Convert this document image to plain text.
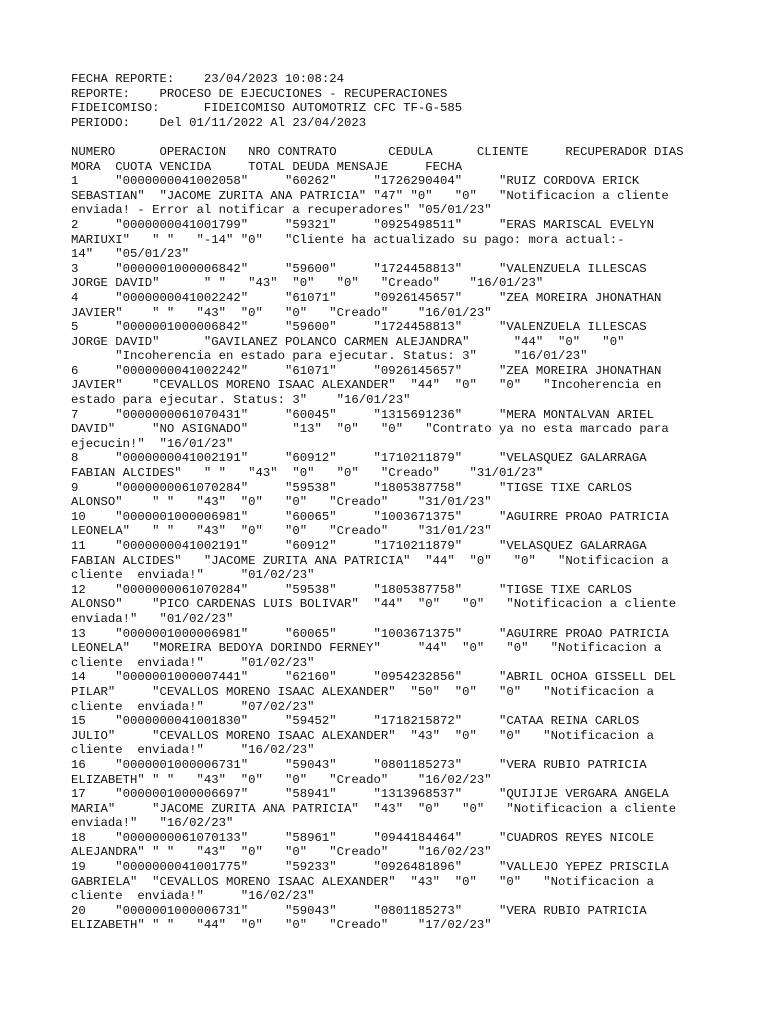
FECHA REPORTE:    23/04/2023 10:08:24
REPORTE:    PROCESO DE EJECUCIONES - RECUPERACIONES
FIDEICOMISO:      FIDEICOMISO AUTOMOTRIZ CFC TF-G-585
PERIODO:    Del 01/11/2022 Al 23/04/2023
NUMERO      OPERACION   NRO CONTRATO       CEDULA      CLIENTE     RECUPERADOR DIAS
MORA  CUOTA VENCIDA     TOTAL DEUDA MENSAJE     FECHA
1     "0000000041002058"     "60262"     "1726290404"     "RUIZ CORDOVA ERICK
SEBASTIAN"  "JACOME ZURITA ANA PATRICIA" "47" "0"   "0"   "Notificacion a cliente
enviada! - Error al notificar a recuperadores" "05/01/23"
2     "0000000041001799"     "59321"     "0925498511"     "ERAS MARISCAL EVELYN
MARIUXI"   " "   "-14" "0"   "Cliente ha actualizado su pago: mora actual:-
14"   "05/01/23"
3     "0000001000006842"     "59600"     "1724458813"     "VALENZUELA ILLESCAS
JORGE DAVID"      " "   "43"  "0"   "0"   "Creado"    "16/01/23"
4     "0000000041002242"     "61071"     "0926145657"     "ZEA MOREIRA JHONATHAN
JAVIER"    " "   "43"  "0"   "0"   "Creado"    "16/01/23"
5     "0000001000006842"     "59600"     "1724458813"     "VALENZUELA ILLESCAS
JORGE DAVID"      "GAVILANEZ POLANCO CARMEN ALEJANDRA"      "44"  "0"   "0"
"Incoherencia en estado para ejecutar. Status: 3"     "16/01/23"
6     "0000000041002242"     "61071"     "0926145657"     "ZEA MOREIRA JHONATHAN
JAVIER"    "CEVALLOS MORENO ISAAC ALEXANDER"  "44"  "0"   "0"   "Incoherencia en
estado para ejecutar. Status: 3"    "16/01/23"
7     "0000000061070431"     "60045"     "1315691236"     "MERA MONTALVAN ARIEL
DAVID"     "NO ASIGNADO"      "13"  "0"   "0"   "Contrato ya no esta marcado para
ejecucin!"  "16/01/23"
8     "0000000041002191"     "60912"     "1710211879"     "VELASQUEZ GALARRAGA
FABIAN ALCIDES"   " "   "43"  "0"   "0"   "Creado"    "31/01/23"
9     "0000000061070284"     "59538"     "1805387758"     "TIGSE TIXE CARLOS
ALONSO"    " "   "43"  "0"   "0"   "Creado"    "31/01/23"
10    "0000001000006981"     "60065"     "1003671375"     "AGUIRRE PROAO PATRICIA
LEONELA"   " "   "43"  "0"   "0"   "Creado"    "31/01/23"
11    "0000000041002191"     "60912"     "1710211879"     "VELASQUEZ GALARRAGA
FABIAN ALCIDES"   "JACOME ZURITA ANA PATRICIA"  "44"  "0"   "0"   "Notificacion a
cliente  enviada!"     "01/02/23"
12    "0000000061070284"     "59538"     "1805387758"     "TIGSE TIXE CARLOS
ALONSO"    "PICO CARDENAS LUIS BOLIVAR"  "44"  "0"   "0"   "Notificacion a cliente
enviada!"   "01/02/23"
13    "0000001000006981"     "60065"     "1003671375"     "AGUIRRE PROAO PATRICIA
LEONELA"   "MOREIRA BEDOYA DORINDO FERNEY"     "44"  "0"   "0"   "Notificacion a
cliente  enviada!"     "01/02/23"
14    "0000001000007441"     "62160"     "0954232856"     "ABRIL OCHOA GISSELL DEL
PILAR"     "CEVALLOS MORENO ISAAC ALEXANDER"  "50"  "0"   "0"   "Notificacion a
cliente  enviada!"     "07/02/23"
15    "0000000041001830"     "59452"     "1718215872"     "CATAA REINA CARLOS
JULIO"     "CEVALLOS MORENO ISAAC ALEXANDER"  "43"  "0"   "0"   "Notificacion a
cliente  enviada!"     "16/02/23"
16    "0000001000006731"     "59043"     "0801185273"     "VERA RUBIO PATRICIA
ELIZABETH" " "   "43"  "0"   "0"   "Creado"    "16/02/23"
17    "0000001000006697"     "58941"     "1313968537"     "QUIJIJE VERGARA ANGELA
MARIA"     "JACOME ZURITA ANA PATRICIA"  "43"  "0"   "0"   "Notificacion a cliente
enviada!"   "16/02/23"
18    "0000000061070133"     "58961"     "0944184464"     "CUADROS REYES NICOLE
ALEJANDRA" " "   "43"  "0"   "0"   "Creado"    "16/02/23"
19    "0000000041001775"     "59233"     "0926481896"     "VALLEJO YEPEZ PRISCILA
GABRIELA"  "CEVALLOS MORENO ISAAC ALEXANDER"  "43"  "0"   "0"   "Notificacion a
cliente  enviada!"     "16/02/23"
20    "0000001000006731"     "59043"     "0801185273"     "VERA RUBIO PATRICIA
ELIZABETH" " "   "44"  "0"   "0"   "Creado"    "17/02/23"
